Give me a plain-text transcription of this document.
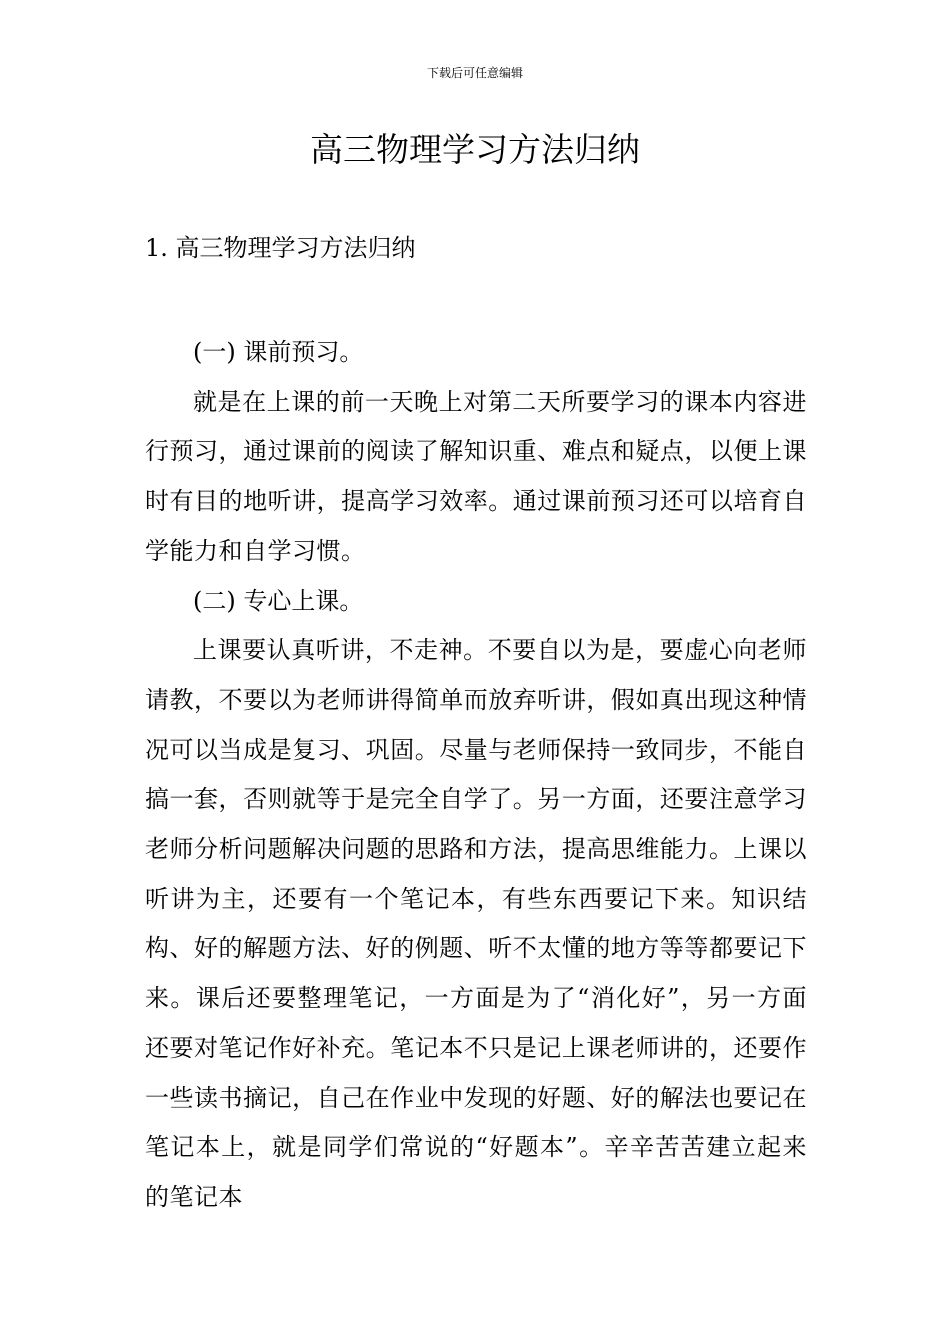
下载后可任意编辑
高三物理学习方法归纳
1. 高三物理学习方法归纳

(一) 课前预习。

就是在上课的前一天晚上对第二天所要学习的课本内容进行预习，通过课前的阅读了解知识重、难点和疑点，以便上课时有目的地听讲，提高学习效率。通过课前预习还可以培育自学能力和自学习惯。

(二) 专心上课。

上课要认真听讲，不走神。不要自以为是，要虚心向老师请教，不要以为老师讲得简单而放弃听讲，假如真出现这种情况可以当成是复习、巩固。尽量与老师保持一致同步，不能自搞一套，否则就等于是完全自学了。另一方面，还要注意学习老师分析问题解决问题的思路和方法，提高思维能力。上课以听讲为主，还要有一个笔记本，有些东西要记下来。知识结构、好的解题方法、好的例题、听不太懂的地方等等都要记下来。课后还要整理笔记，一方面是为了“消化好”，另一方面还要对笔记作好补充。笔记本不只是记上课老师讲的，还要作一些读书摘记，自己在作业中发现的好题、好的解法也要记在笔记本上，就是同学们常说的“好题本”。辛辛苦苦建立起来的笔记本
